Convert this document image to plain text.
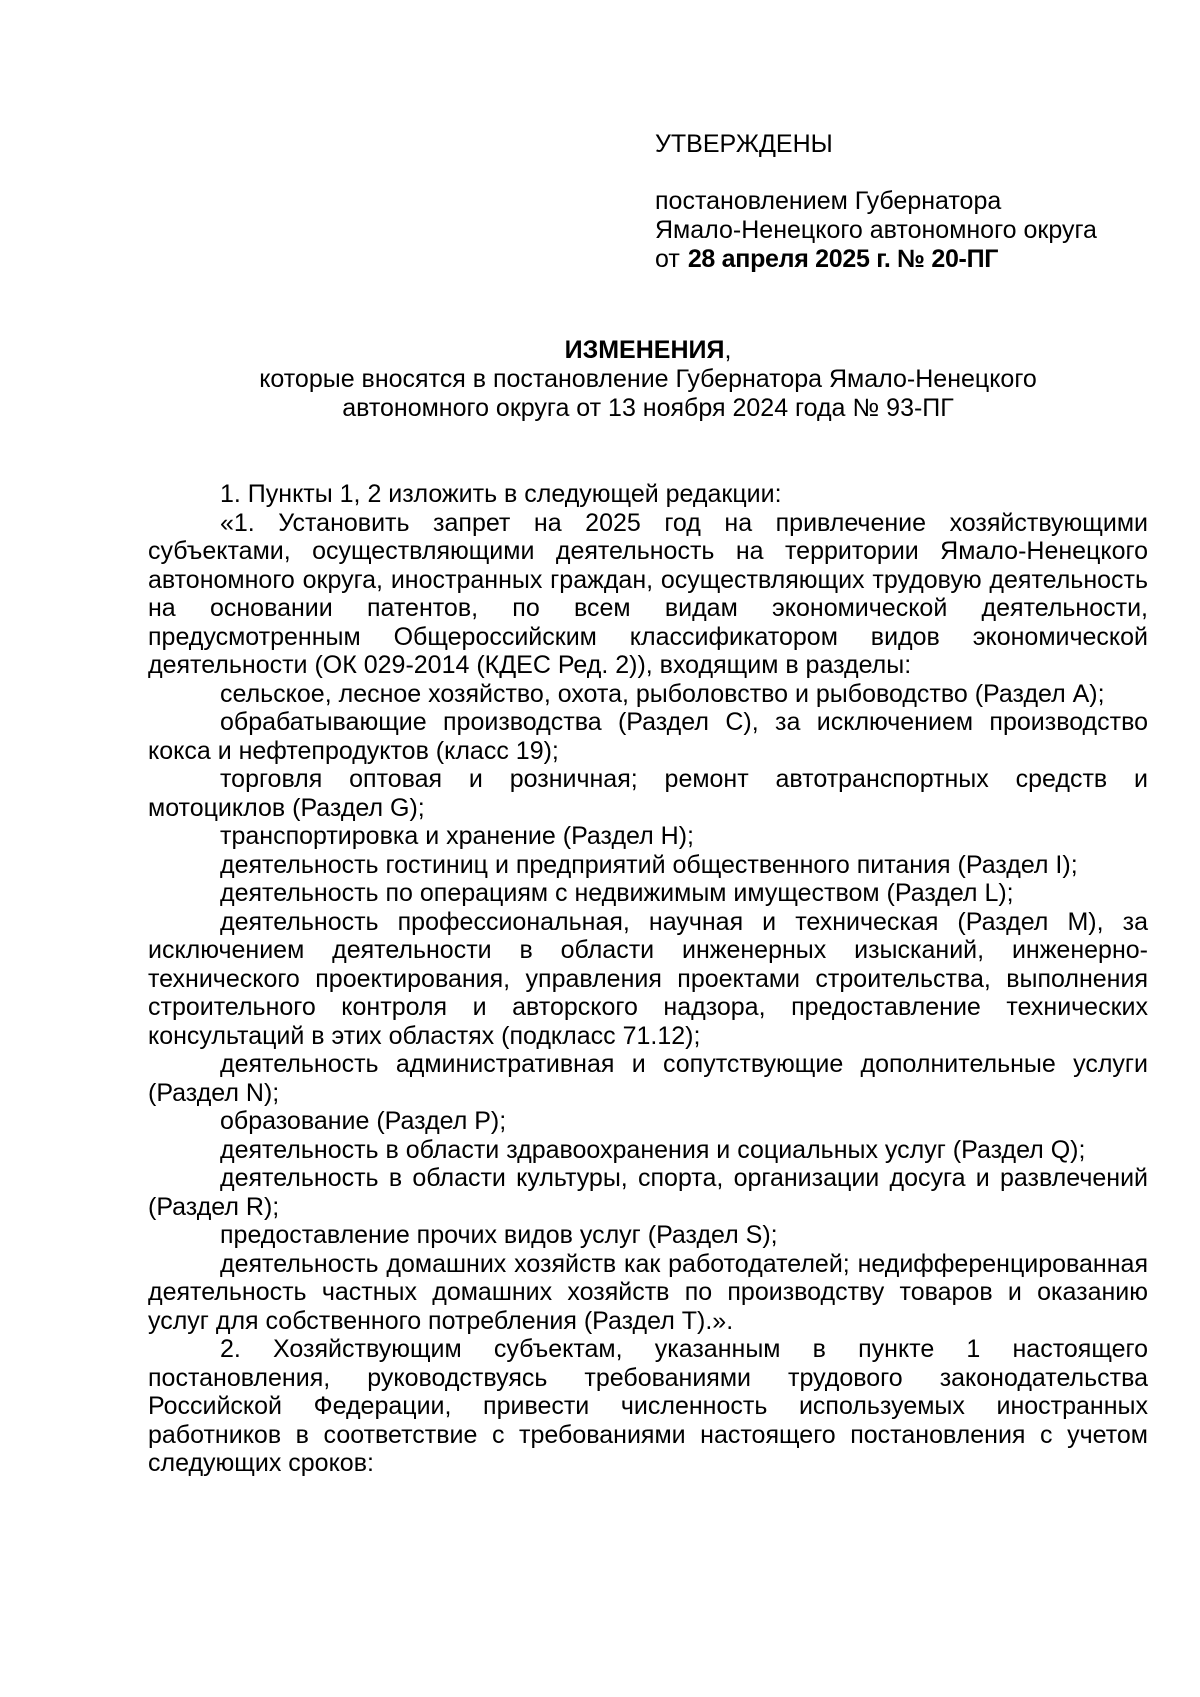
УТВЕРЖДЕНЫ

постановлением Губернатора

Ямало-Ненецкого автономного округа

от 28 апреля 2025 г. № 20-ПГ

ИЗМЕНЕНИЯ,

которые вносятся в постановление Губернатора Ямало-Ненецкого

автономного округа от 13 ноября 2024 года № 93-ПГ

1. Пункты 1, 2 изложить в следующей редакции:

«1. Установить запрет на 2025 год на привлечение хозяйствующими субъектами, осуществляющими деятельность на территории Ямало-Ненецкого автономного округа, иностранных граждан, осуществляющих трудовую деятельность на основании патентов, по всем видам экономической деятельности, предусмотренным Общероссийским классификатором видов экономической деятельности (ОК 029-2014 (КДЕС Ред. 2)), входящим в разделы:

сельское, лесное хозяйство, охота, рыболовство и рыбоводство (Раздел А);

обрабатывающие производства (Раздел С), за исключением производство кокса и нефтепродуктов (класс 19);

торговля оптовая и розничная; ремонт автотранспортных средств и мотоциклов (Раздел G);

транспортировка и хранение (Раздел H);

деятельность гостиниц и предприятий общественного питания (Раздел I);

деятельность по операциям с недвижимым имуществом (Раздел L);

деятельность профессиональная, научная и техническая (Раздел M), за исключением деятельности в области инженерных изысканий, инженерно-технического проектирования, управления проектами строительства, выполнения строительного контроля и авторского надзора, предоставление технических консультаций в этих областях (подкласс 71.12);

деятельность административная и сопутствующие дополнительные услуги (Раздел N);

образование (Раздел P);

деятельность в области здравоохранения и социальных услуг (Раздел Q);

деятельность в области культуры, спорта, организации досуга и развлечений (Раздел R);

предоставление прочих видов услуг (Раздел S);

деятельность домашних хозяйств как работодателей; недифференцированная деятельность частных домашних хозяйств по производству товаров и оказанию услуг для собственного потребления (Раздел T).».

2. Хозяйствующим субъектам, указанным в пункте 1 настоящего постановления, руководствуясь требованиями трудового законодательства Российской Федерации, привести численность используемых иностранных работников в соответствие с требованиями настоящего постановления с учетом следующих сроков:
